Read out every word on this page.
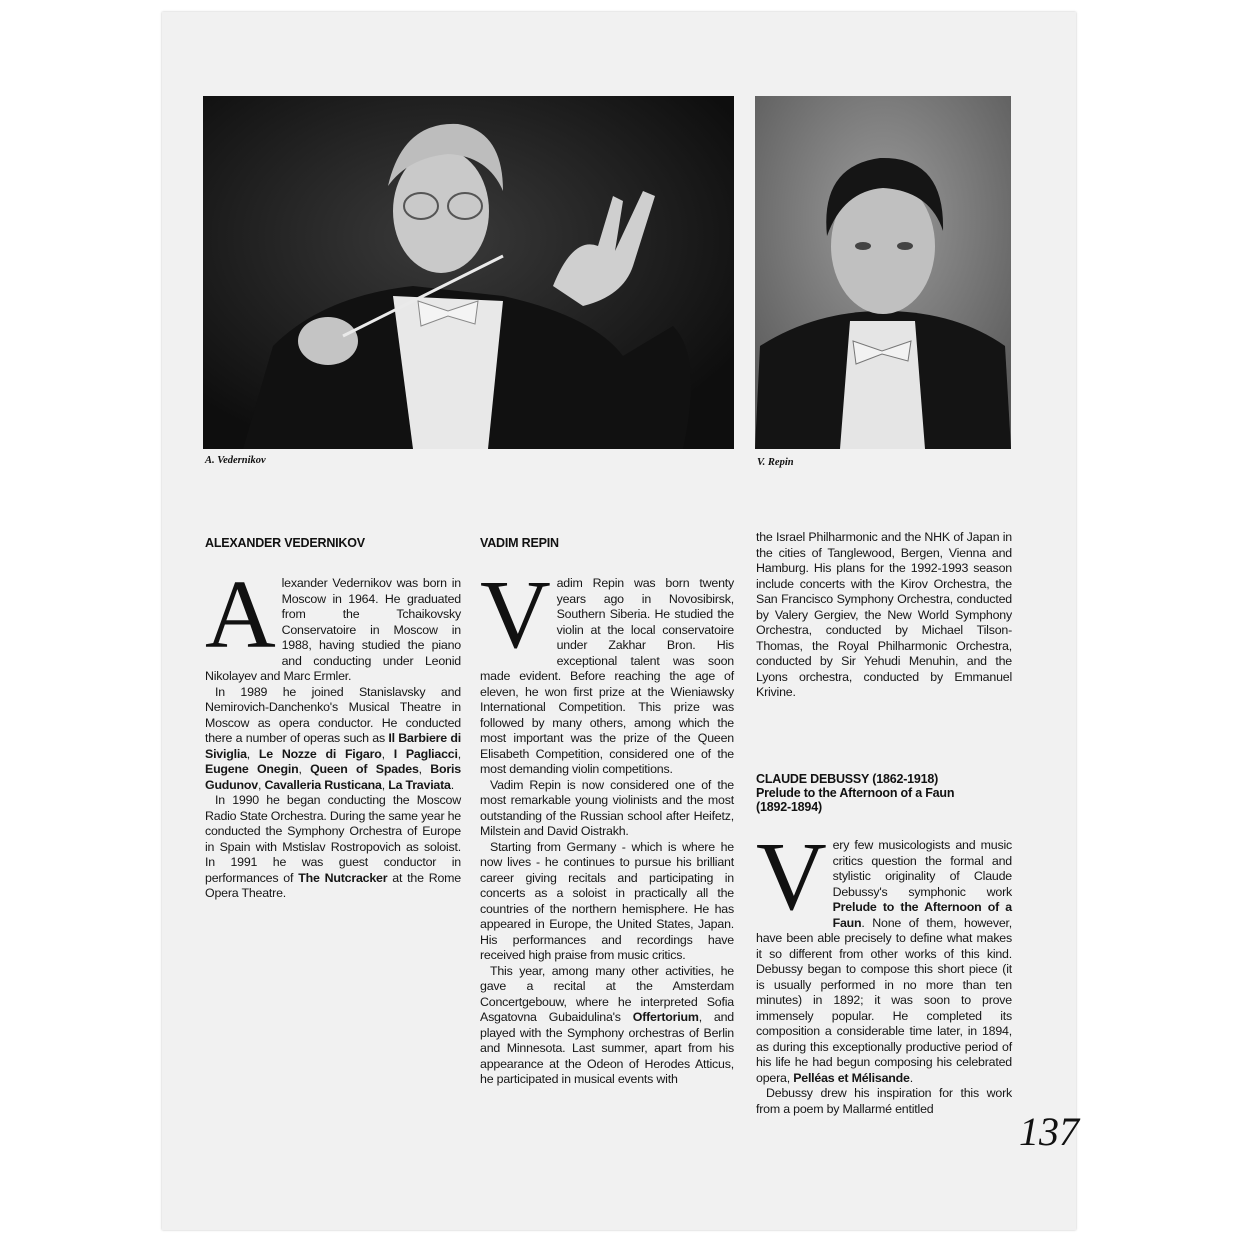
A. Vedernikov	V. Repin
ALEXANDER VEDERNIKOV

Alexander Vedernikov was born in Moscow in 1964. He graduated from the Tchaikovsky Conservatoire in Moscow in 1988, having studied the piano and conducting under Leonid Nikolayev and Marc Ermler.

In 1989 he joined Stanislavsky and Nemirovich-Danchenko's Musical Theatre in Moscow as opera conductor. He conducted there a number of operas such as Il Barbiere di Siviglia, Le Nozze di Figaro, I Pagliacci, Eugene Onegin, Queen of Spades, Boris Gudunov, Cavalleria Rusticana, La Traviata.

In 1990 he began conducting the Moscow Radio State Orchestra. During the same year he conducted the Symphony Orchestra of Europe in Spain with Mstislav Rostropovich as soloist. In 1991 he was guest conductor in performances of The Nutcracker at the Rome Opera Theatre.

VADIM REPIN

Vadim Repin was born twenty years ago in Novosibirsk, Southern Siberia. He studied the violin at the local conservatoire under Zakhar Bron. His exceptional talent was soon made evident. Before reaching the age of eleven, he won first prize at the Wieniawsky International Competition. This prize was followed by many others, among which the most important was the prize of the Queen Elisabeth Competition, considered one of the most demanding violin competitions.

Vadim Repin is now considered one of the most remarkable young violinists and the most outstanding of the Russian school after Heifetz, Milstein and David Oistrakh.

Starting from Germany - which is where he now lives - he continues to pursue his brilliant career giving recitals and participating in concerts as a soloist in practically all the countries of the northern hemisphere. He has appeared in Europe, the United States, Japan. His performances and recordings have received high praise from music critics.

This year, among many other activities, he gave a recital at the Amsterdam Concertgebouw, where he interpreted Sofia Asgatovna Gubaidulina's Offertorium, and played with the Symphony orchestras of Berlin and Minnesota. Last summer, apart from his appearance at the Odeon of Herodes Atticus, he participated in musical events with

the Israel Philharmonic and the NHK of Japan in the cities of Tanglewood, Bergen, Vienna and Hamburg. His plans for the 1992-1993 season include concerts with the Kirov Orchestra, the San Francisco Symphony Orchestra, conducted by Valery Gergiev, the New World Symphony Orchestra, conducted by Michael Tilson-Thomas, the Royal Philharmonic Orchestra, conducted by Sir Yehudi Menuhin, and the Lyons orchestra, conducted by Emmanuel Krivine.

CLAUDE DEBUSSY (1862-1918)
Prelude to the Afternoon of a Faun
(1892-1894)

Very few musicologists and music critics question the formal and stylistic originality of Claude Debussy's symphonic work Prelude to the Afternoon of a Faun. None of them, however, have been able precisely to define what makes it so different from other works of this kind. Debussy began to compose this short piece (it is usually performed in no more than ten minutes) in 1892; it was soon to prove immensely popular. He completed its composition a considerable time later, in 1894, as during this exceptionally productive period of his life he had begun composing his celebrated opera, Pelléas et Mélisande.

Debussy drew his inspiration for this work from a poem by Mallarmé entitled

137
